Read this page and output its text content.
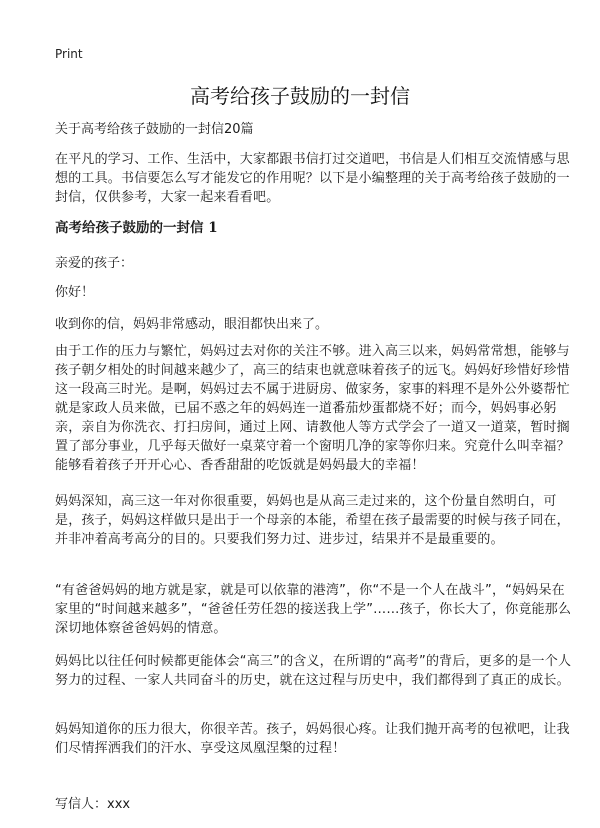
Print
高考给孩子鼓励的一封信
关于高考给孩子鼓励的一封信20篇

在平凡的学习、工作、生活中，大家都跟书信打过交道吧，书信是人们相互交流情感与思想的工具。书信要怎么写才能发它的作用呢？以下是小编整理的关于高考给孩子鼓励的一封信，仅供参考，大家一起来看看吧。

高考给孩子鼓励的一封信 1
亲爱的孩子：
你好！
收到你的信，妈妈非常感动，眼泪都快出来了。

由于工作的压力与繁忙，妈妈过去对你的关注不够。进入高三以来，妈妈常常想，能够与孩子朝夕相处的时间越来越少了，高三的结束也就意味着孩子的远飞。妈妈好珍惜好珍惜这一段高三时光。是啊，妈妈过去不属于进厨房、做家务，家事的料理不是外公外婆帮忙就是家政人员来做，已届不惑之年的妈妈连一道番茄炒蛋都烧不好；而今，妈妈事必躬亲，亲自为你洗衣、打扫房间，通过上网、请教他人等方式学会了一道又一道菜，暂时搁置了部分事业，几乎每天做好一桌菜守着一个窗明几净的家等你归来。究竟什么叫幸福？能够看着孩子开开心心、香香甜甜的吃饭就是妈妈最大的幸福！

妈妈深知，高三这一年对你很重要，妈妈也是从高三走过来的，这个份量自然明白，可是，孩子，妈妈这样做只是出于一个母亲的本能，希望在孩子最需要的时候与孩子同在，并非冲着高考高分的目的。只要我们努力过、进步过，结果并不是最重要的。

“有爸爸妈妈的地方就是家，就是可以依靠的港湾”，你“不是一个人在战斗”，“妈妈呆在家里的“时间越来越多”，“爸爸任劳任怨的接送我上学”……孩子，你长大了，你竟能那么深切地体察爸爸妈妈的情意。

妈妈比以往任何时候都更能体会“高三”的含义，在所谓的“高考”的背后，更多的是一个人努力的过程、一家人共同奋斗的历史，就在这过程与历史中，我们都得到了真正的成长。

妈妈知道你的压力很大，你很辛苦。孩子，妈妈很心疼。让我们抛开高考的包袱吧，让我们尽情挥洒我们的汗水、享受这凤凰涅槃的过程！

写信人：xxx
